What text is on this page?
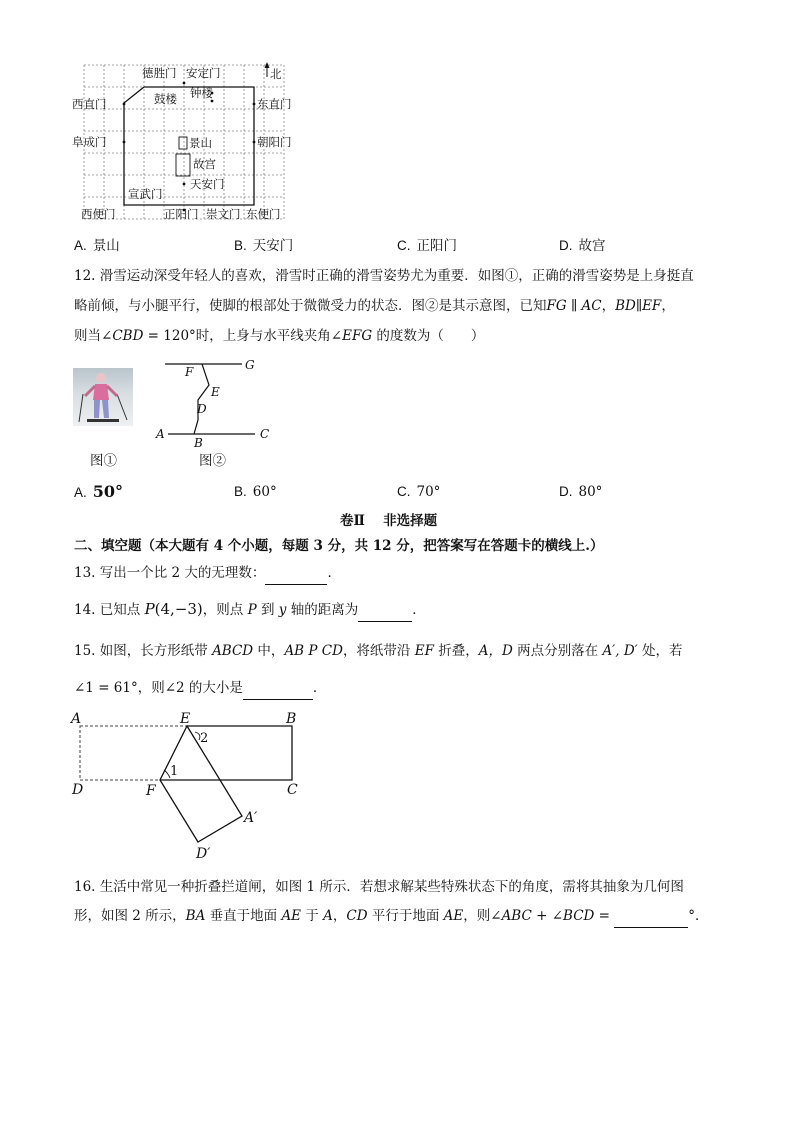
德胜门 安定门	北
钟楼
鼓楼
西直门	东直门
阜成门	景山	朝阳门
故宫
天安门
宣武门
西便门	正阳门 崇文门 东便门
A. 景山	B. 天安门	C. 正阳门	D. 故宫
12. 滑雪运动深受年轻人的喜欢，滑雪时正确的滑雪姿势尤为重要．如图①，正确的滑雪姿势是上身挺直
略前倾，与小腿平行，使脚的根部处于微微受力的状态．图②是其示意图，已知FG ∥ AC，BD∥EF，
则当∠CBD = 120°时，上身与水平线夹角∠EFG 的度数为（　　）
图①
F	G
E
D
A
B
C
图②
A. 50°	B. 60°	C. 70°	D. 80°
卷Ⅱ　 非选择题
二、填空题（本大题有 4 个小题，每题 3 分，共 12 分，把答案写在答题卡的横线上.）
13. 写出一个比 2 大的无理数：	．
14. 已知点 P(4,−3)，则点 P 到 y 轴的距离为	．
15. 如图，长方形纸带 ABCD 中，AB P CD，将纸带沿 EF 折叠，A，D 两点分别落在 A′, D′ 处，若
∠1 = 61°，则∠2 的大小是	．
A	E	B
D	F	C
A′
D′
2
1
16. 生活中常见一种折叠拦道闸，如图 1 所示．若想求解某些特殊状态下的角度，需将其抽象为几何图
形，如图 2 所示，BA 垂直于地面 AE 于 A，CD 平行于地面 AE，则∠ABC + ∠BCD =	°．
